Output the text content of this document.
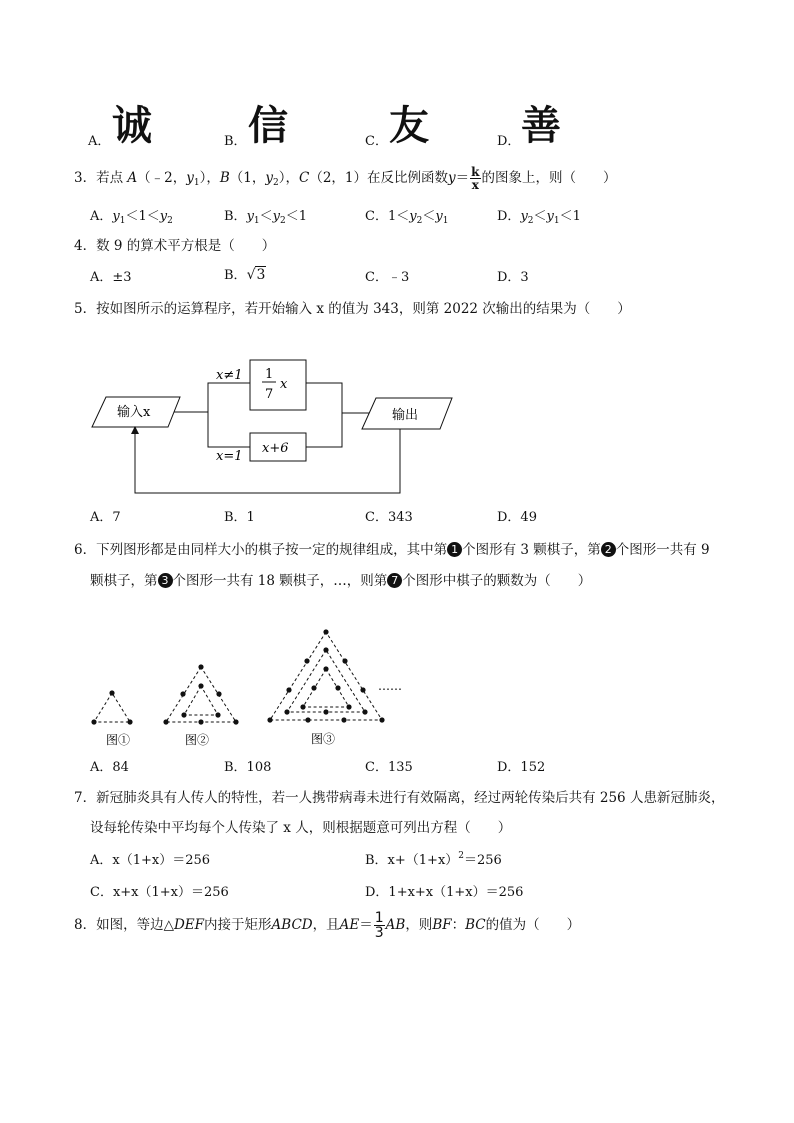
A． 诚	B． 信	C． 友	D． 善
3．若点 A（﹣2，$y_1$），B（1，$y_2$），C（2，1）在反比例函数$y= \frac{k}{x}$ 的图象上，则（　　）
A．$y_1<1<y_2$	B．$y_1<y_2<1$	C．$1<y_2<y_1$	D．$y_2<y_1<1$
4．数 9 的算术平方根是（　　）
A．±3	B．√3	C．﹣3	D．3
5．按如图所示的运算程序，若开始输入 x 的值为 343，则第 2022 次输出的结果为（　　）
输入x	输出
x≠1
x=1
1
7
x
x+6
A．7	B．1	C．343	D．49
6．下列图形都是由同样大小的棋子按一定的规律组成，其中第 1 个图形有 3 颗棋子，第 2 个图形一共有 9
颗棋子，第 3 个图形一共有 18 颗棋子，…，则第 7 个图形中棋子的颗数为（　　）
……
图①	图②	图③
A．84	B．108	C．135	D．152
7．新冠肺炎具有人传人的特性，若一人携带病毒未进行有效隔离，经过两轮传染后共有 256 人患新冠肺炎，
设每轮传染中平均每个人传染了 x 人，则根据题意可列出方程（　　）
A．x（1+x）＝256	B．$x+(1+x)^2=256$
C．x+x（1+x）＝256	D．1+x+x（1+x）＝256
8．如图，等边△DEF内接于矩形ABCD，且$AE= \frac{1}{3}$ AB，则BF：BC的值为（　　）
